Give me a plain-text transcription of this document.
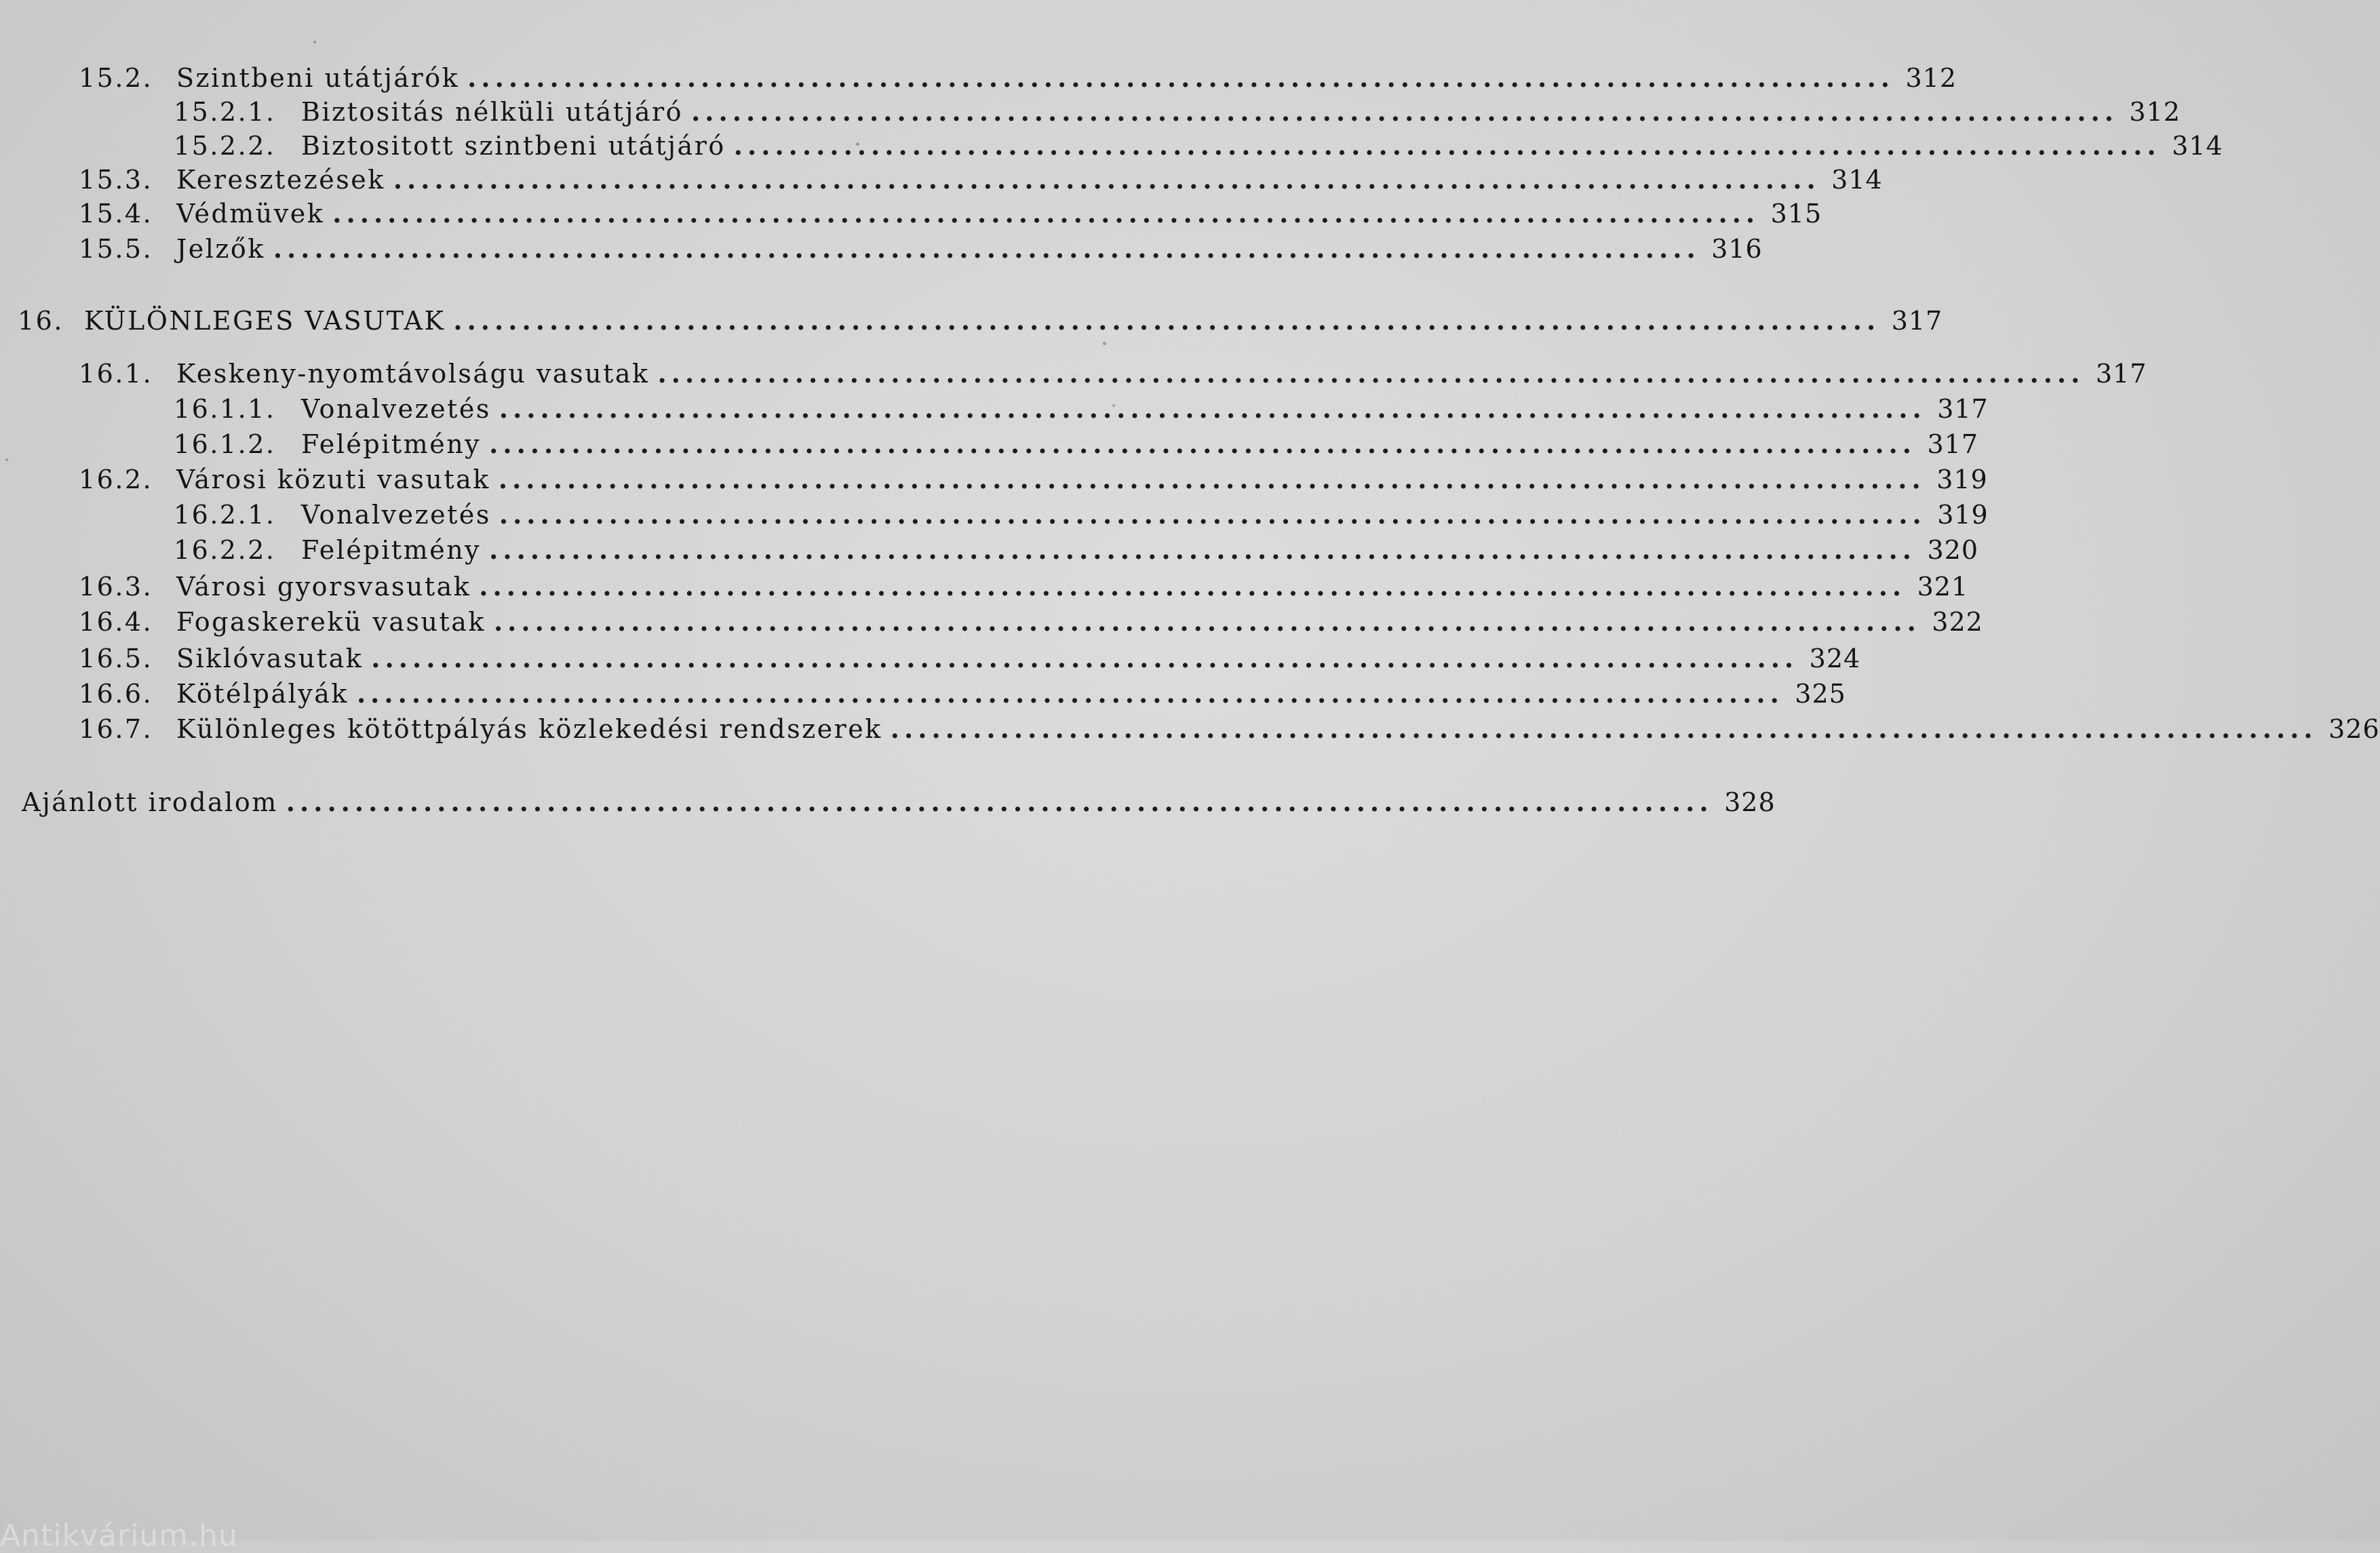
15.2. Szintbeni utátjárók ........................................................................................................ 312
15.2.1. Biztositás nélküli utátjáró ........................................................................................................ 312
15.2.2. Biztositott szintbeni utátjáró ........................................................................................................ 314
15.3. Keresztezések ........................................................................................................ 314
15.4. Védmüvek ........................................................................................................ 315
15.5. Jelzők ........................................................................................................ 316
16. KÜLÖNLEGES VASUTAK ........................................................................................................ 317
16.1. Keskeny-nyomtávolságu vasutak ........................................................................................................ 317
16.1.1. Vonalvezetés ........................................................................................................ 317
16.1.2. Felépitmény ........................................................................................................ 317
16.2. Városi közuti vasutak ........................................................................................................ 319
16.2.1. Vonalvezetés ........................................................................................................ 319
16.2.2. Felépitmény ........................................................................................................ 320
16.3. Városi gyorsvasutak ........................................................................................................ 321
16.4. Fogaskerekü vasutak ........................................................................................................ 322
16.5. Siklóvasutak ........................................................................................................ 324
16.6. Kötélpályák ........................................................................................................ 325
16.7. Különleges kötöttpályás közlekedési rendszerek ........................................................................................................ 326
Ajánlott irodalom ........................................................................................................ 328
Antikvárium.hu
